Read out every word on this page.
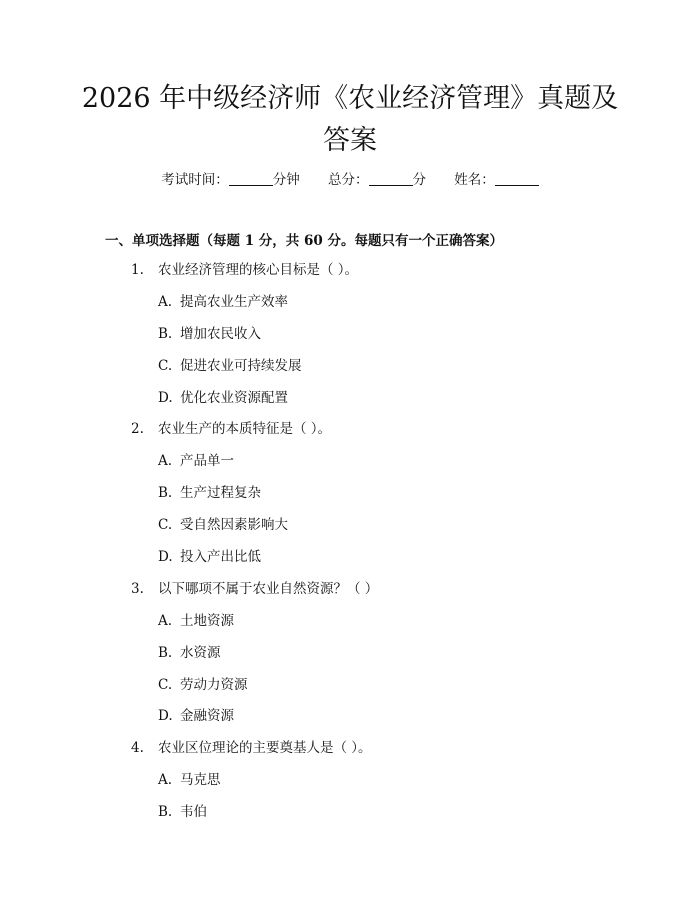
2026 年中级经济师《农业经济管理》真题及
答案
考试时间：	分钟 总分：	分 姓名：
一、单项选择题（每题 1 分，共 60 分。每题只有一个正确答案）
1. 农业经济管理的核心目标是（ ）。
A. 提高农业生产效率
B. 增加农民收入
C. 促进农业可持续发展
D. 优化农业资源配置
2. 农业生产的本质特征是（ ）。
A. 产品单一
B. 生产过程复杂
C. 受自然因素影响大
D. 投入产出比低
3. 以下哪项不属于农业自然资源？（ ）
A. 土地资源
B. 水资源
C. 劳动力资源
D. 金融资源
4. 农业区位理论的主要奠基人是（ ）。
A. 马克思
B. 韦伯
